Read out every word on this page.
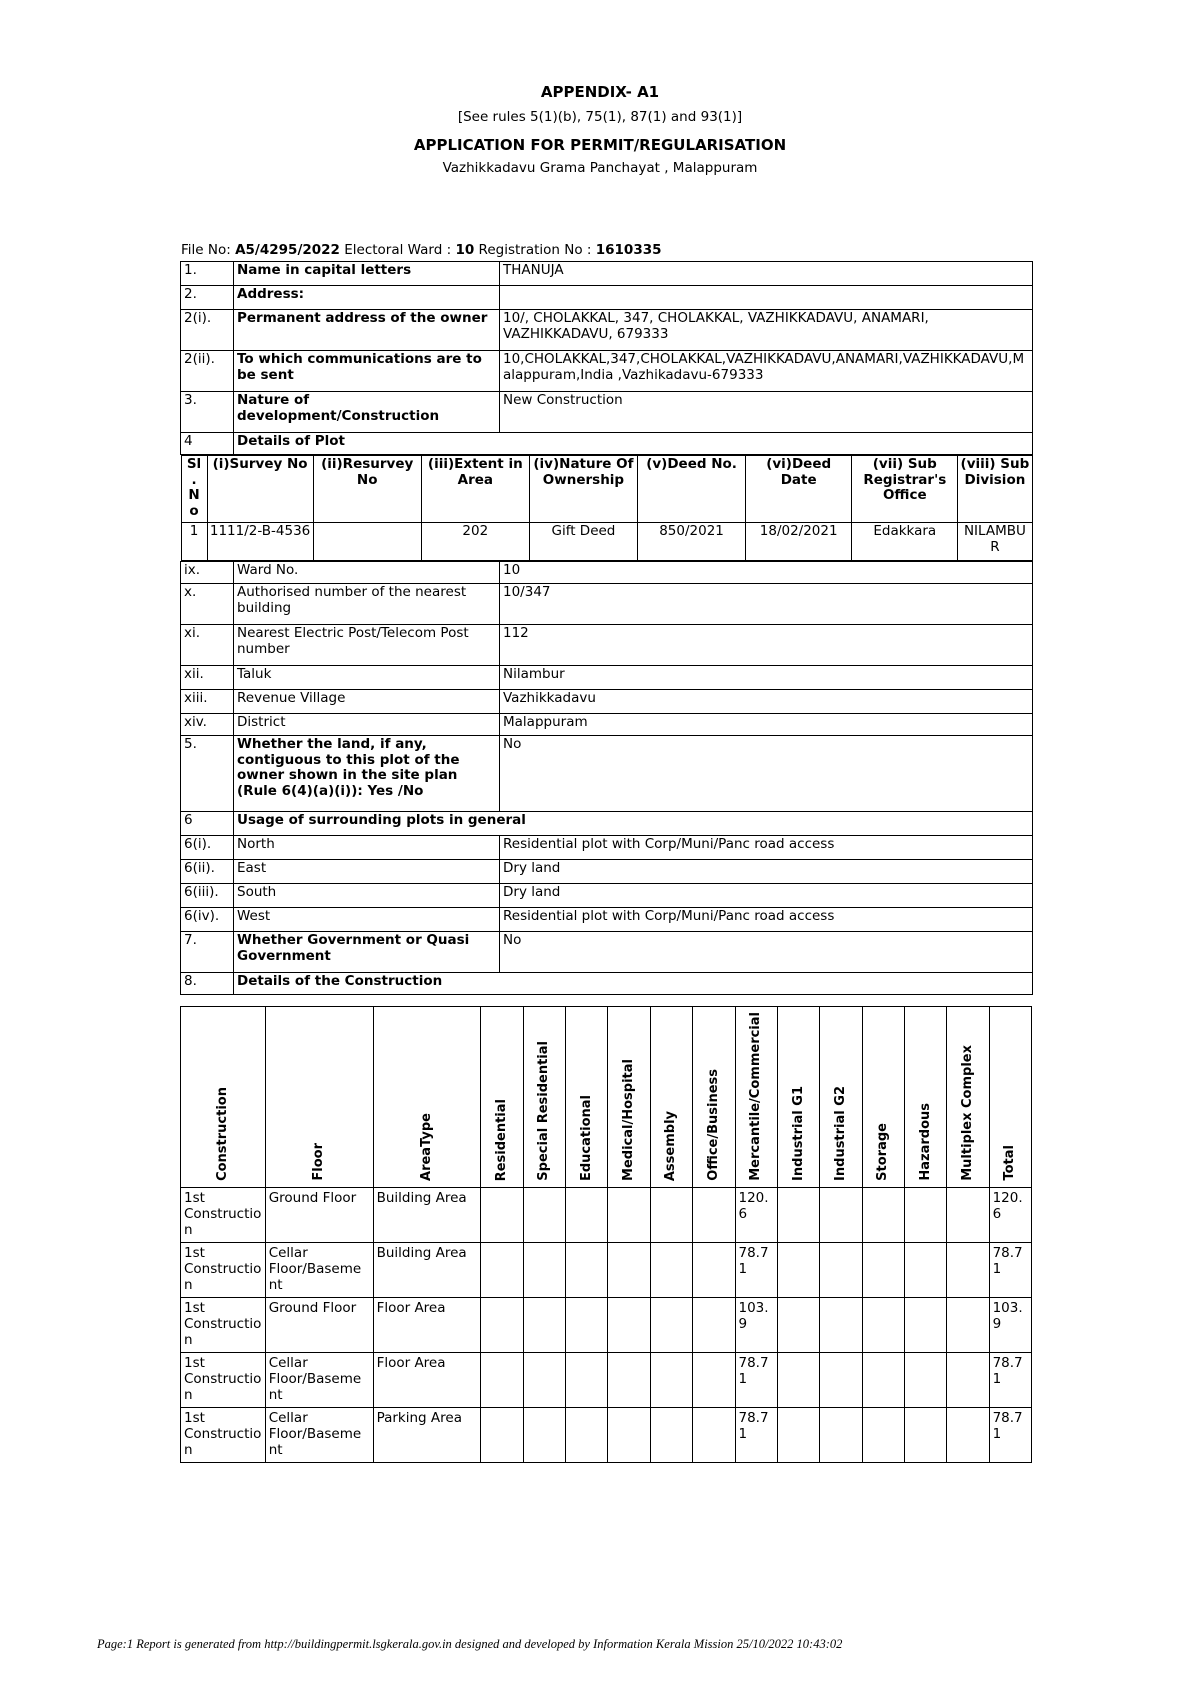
APPENDIX- A1
[See rules 5(1)(b), 75(1), 87(1) and 93(1)]
APPLICATION FOR PERMIT/REGULARISATION
Vazhikkadavu Grama Panchayat , Malappuram
File No: A5/4295/2022 Electoral Ward : 10 Registration No : 1610335
1.	Name in capital letters	THANUJA
2.	Address:	
2(i).	Permanent address of the owner	10/, CHOLAKKAL, 347, CHOLAKKAL, VAZHIKKADAVU, ANAMARI, VAZHIKKADAVU, 679333
2(ii).	To which communications are to be sent	10,CHOLAKKAL,347,CHOLAKKAL,VAZHIKKADAVU,ANAMARI,VAZHIKKADAVU,Malappuram,India ,Vazhikadavu-679333
3.	Nature of development/Construction	New Construction
4	Details of Plot

Sl . N o	(i)Survey No	(ii)Resurvey No	(iii)Extent in Area	(iv)Nature Of Ownership	(v)Deed No.	(vi)Deed Date	(vii) Sub Registrar's Office	(viii) Sub Division
1	1111/2-B-4536		202	Gift Deed	850/2021	18/02/2021	Edakkara	NILAMBUR

ix.	Ward No.	10
x.	Authorised number of the nearest building	10/347
xi.	Nearest Electric Post/Telecom Post number	112
xii.	Taluk	Nilambur
xiii.	Revenue Village	Vazhikkadavu
xiv.	District	Malappuram
5.	Whether the land, if any, contiguous to this plot of the owner shown in the site plan (Rule 6(4)(a)(i)): Yes /No	No
6	Usage of surrounding plots in general
6(i).	North	Residential plot with Corp/Muni/Panc road access
6(ii).	East	Dry land
6(iii).	South	Dry land
6(iv).	West	Residential plot with Corp/Muni/Panc road access
7.	Whether Government or Quasi Government	No
8.	Details of the Construction
Construction	Floor	AreaType	Residential	Special Residential	Educational	Medical/Hospital	Assembly	Office/Business	Mercantile/Commercial	Industrial G1	Industrial G2	Storage	Hazardous	Multiplex Complex	Total

1st Construction	Ground Floor	Building Area							120.6						120.6
1st Construction	Cellar Floor/Basement	Building Area							78.71						78.71
1st Construction	Ground Floor	Floor Area							103.9						103.9
1st Construction	Cellar Floor/Basement	Floor Area							78.71						78.71
1st Construction	Cellar Floor/Basement	Parking Area							78.71						78.71
Page:1 Report is generated from http://buildingpermit.lsgkerala.gov.in designed and developed by Information Kerala Mission 25/10/2022 10:43:02
